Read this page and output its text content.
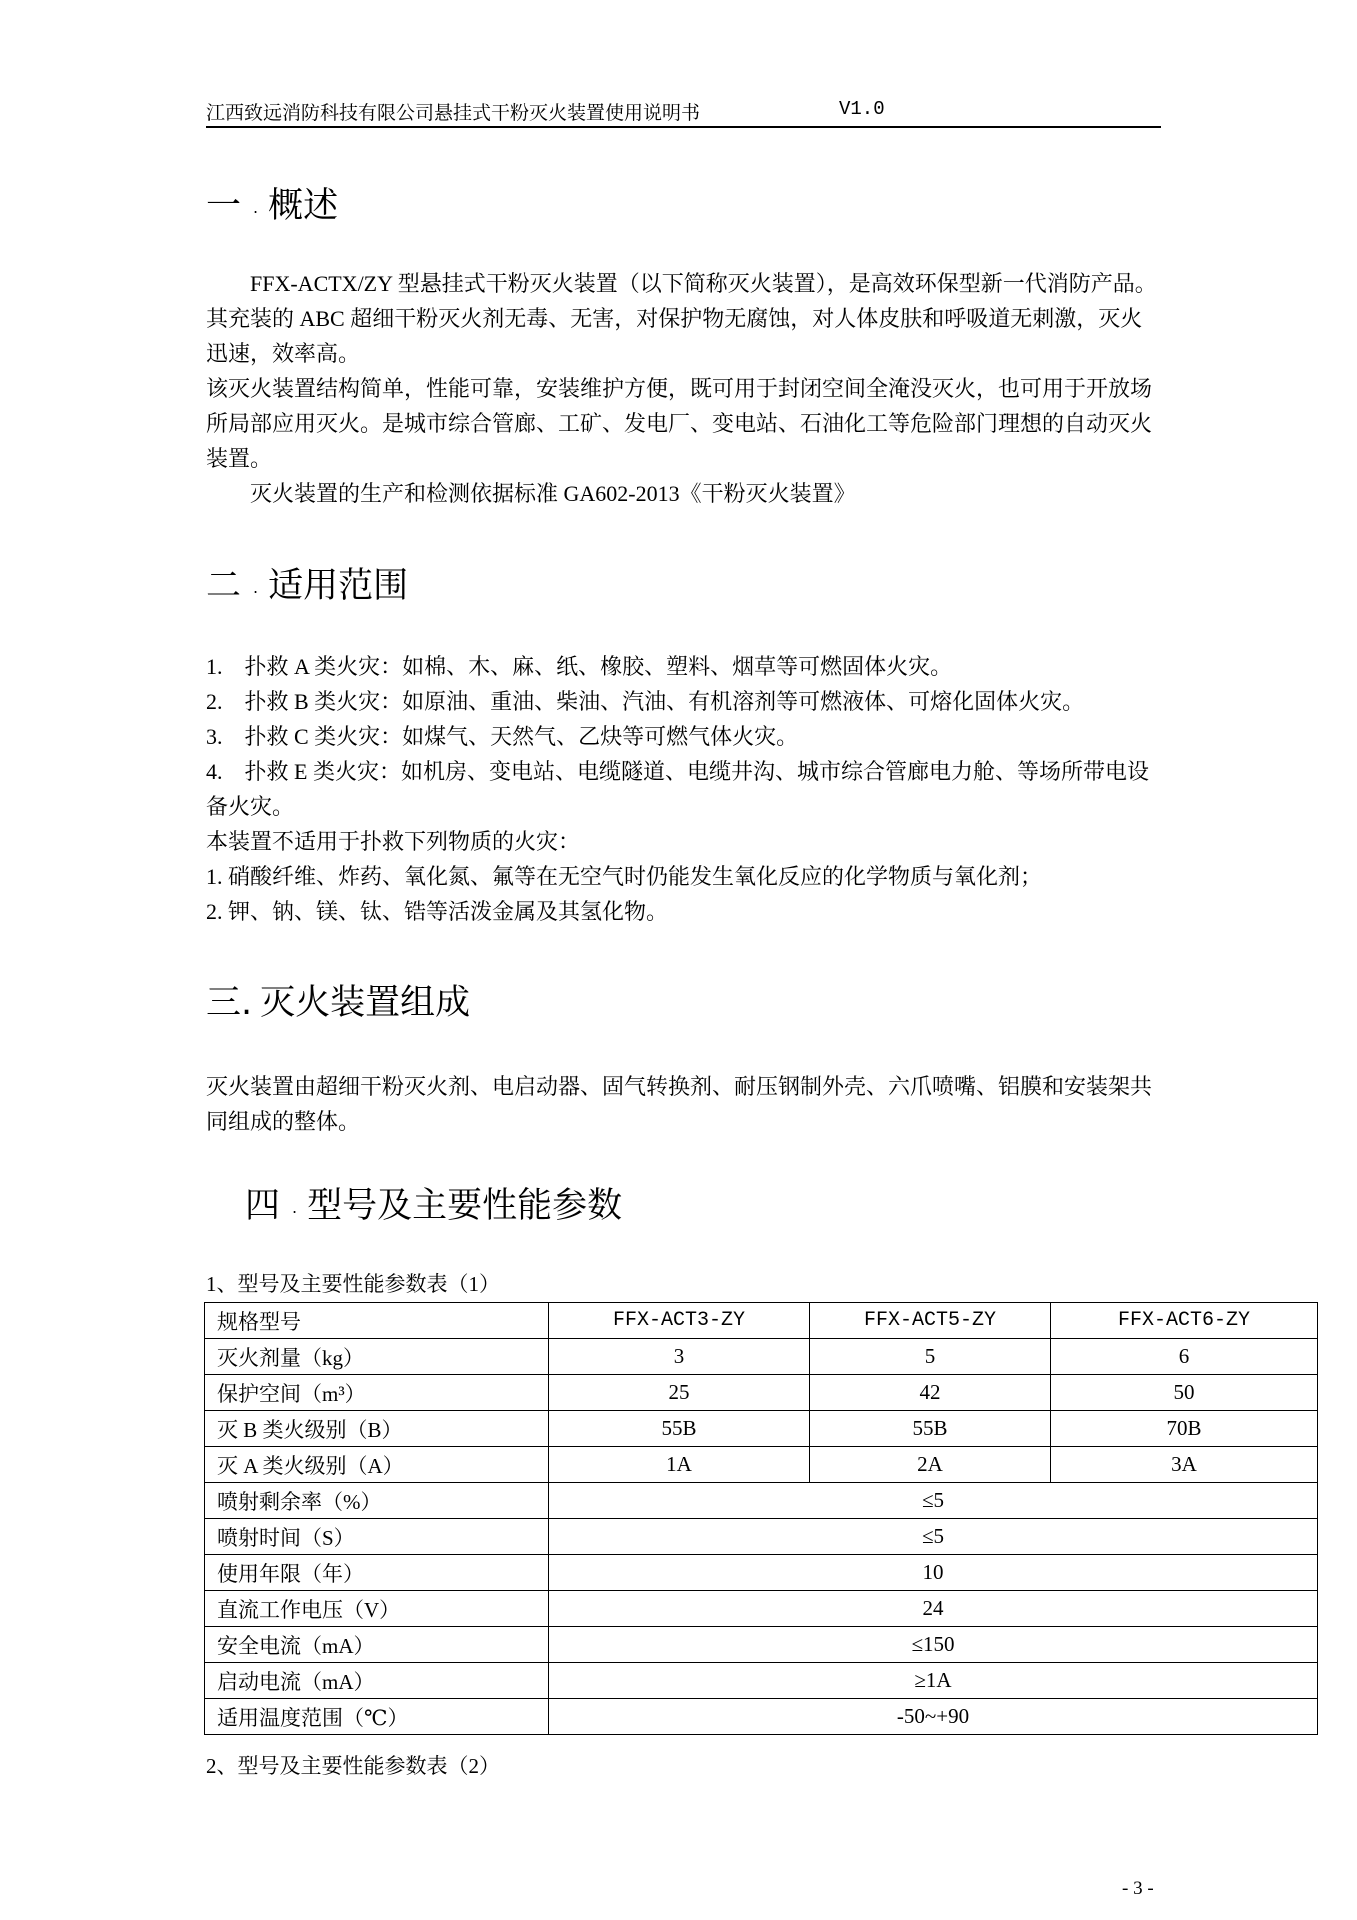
江西致远消防科技有限公司悬挂式干粉灭火装置使用说明书	V1.0
一 . 概述

FFX-ACTX/ZY 型悬挂式干粉灭火装置（以下简称灭火装置），是高效环保型新一代消防产品。其充装的 ABC 超细干粉灭火剂无毒、无害，对保护物无腐蚀，对人体皮肤和呼吸道无刺激，灭火迅速，效率高。

该灭火装置结构简单，性能可靠，安装维护方便，既可用于封闭空间全淹没灭火，也可用于开放场所局部应用灭火。是城市综合管廊、工矿、发电厂、变电站、石油化工等危险部门理想的自动灭火装置。

灭火装置的生产和检测依据标准 GA602-2013《干粉灭火装置》

二 . 适用范围
1.　扑救 A 类火灾：如棉、木、麻、纸、橡胶、塑料、烟草等可燃固体火灾。
2.　扑救 B 类火灾：如原油、重油、柴油、汽油、有机溶剂等可燃液体、可熔化固体火灾。
3.　扑救 C 类火灾：如煤气、天然气、乙炔等可燃气体火灾。

4.　扑救 E 类火灾：如机房、变电站、电缆隧道、电缆井沟、城市综合管廊电力舱、等场所带电设备火灾。

本装置不适用于扑救下列物质的火灾：
1. 硝酸纤维、炸药、氧化氮、氟等在无空气时仍能发生氧化反应的化学物质与氧化剂；
2. 钾、钠、镁、钛、锆等活泼金属及其氢化物。
三. 灭火装置组成

灭火装置由超细干粉灭火剂、电启动器、固气转换剂、耐压钢制外壳、六爪喷嘴、铝膜和安装架共同组成的整体。

四 . 型号及主要性能参数
1、型号及主要性能参数表（1）
规格型号	FFX-ACT3-ZY	FFX-ACT5-ZY	FFX-ACT6-ZY
灭火剂量（kg）	3	5	6
保护空间（m³）	25	42	50
灭 B 类火级别（B）	55B	55B	70B
灭 A 类火级别（A）	1A	2A	3A
喷射剩余率（%）	≤5		
喷射时间（S）	≤5		
使用年限（年）	10		
直流工作电压（V）	24		
安全电流（mA）	≤150		
启动电流（mA）	≥1A		
适用温度范围（℃）	-50~+90		
2、型号及主要性能参数表（2）
- 3 -
